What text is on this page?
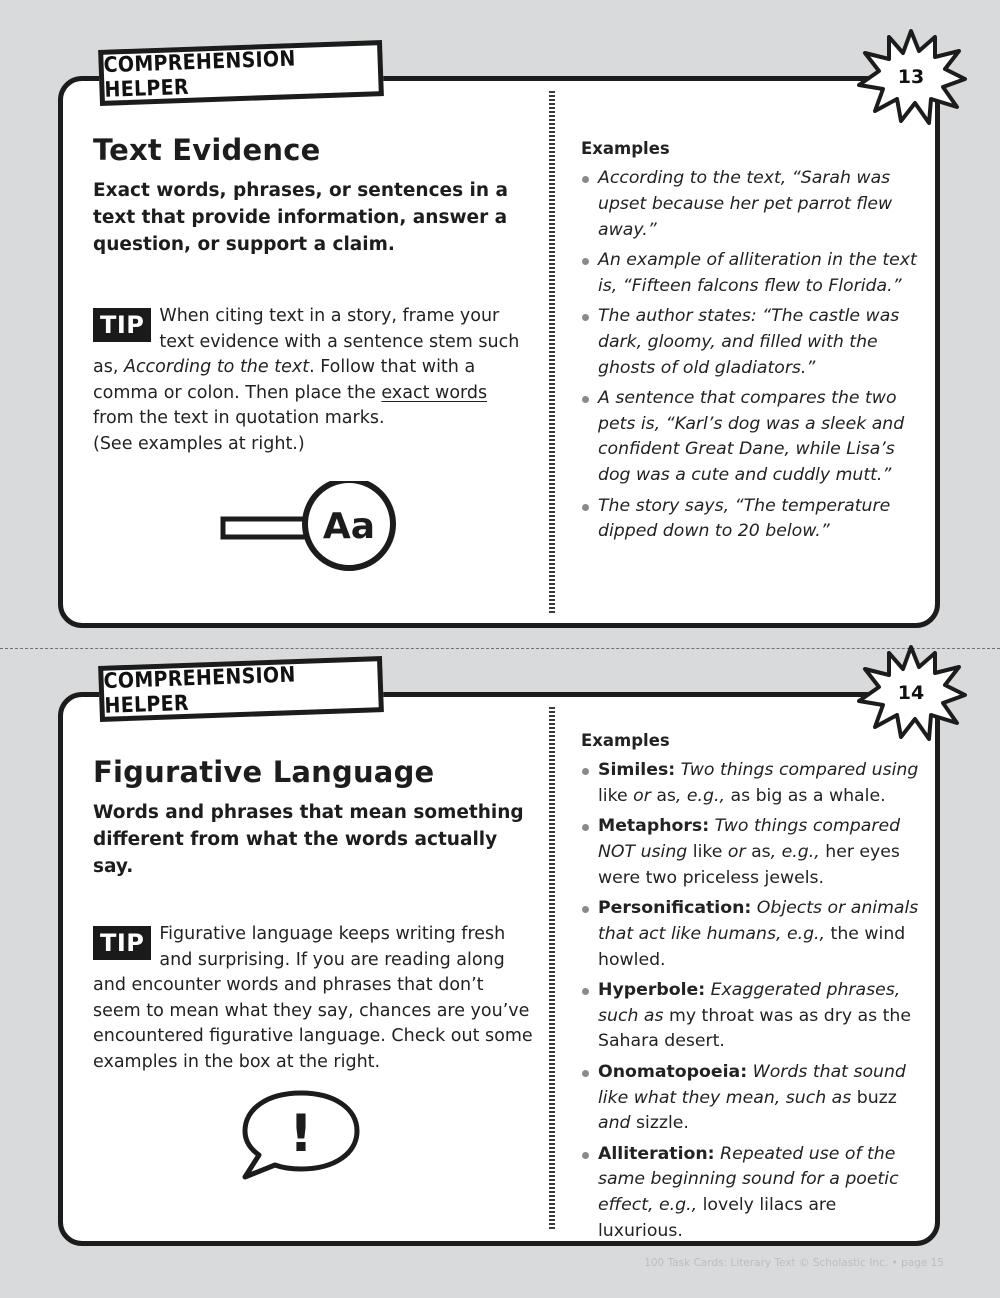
COMPREHENSION HELPER	13
Text Evidence

Exact words, phrases, or sentences in a text that provide information, answer a question, or support a claim.

TIP When citing text in a story, frame your text evidence with a sentence stem such as, According to the text. Follow that with a comma or colon. Then place the exact words from the text in quotation marks.
(See examples at right.)

Aa
Examples
According to the text, “Sarah was upset because her pet parrot flew away.”
An example of alliteration in the text is, “Fifteen falcons flew to Florida.”
The author states: “The castle was dark, gloomy, and filled with the ghosts of old gladiators.”
A sentence that compares the two pets is, “Karl’s dog was a sleek and confident Great Dane, while Lisa’s dog was a cute and cuddly mutt.”
The story says, “The temperature dipped down to 20 below.”
COMPREHENSION HELPER	14
Figurative Language

Words and phrases that mean something different from what the words actually say.

TIP Figurative language keeps writing fresh and surprising. If you are reading along and encounter words and phrases that don’t seem to mean what they say, chances are you’ve encountered figurative language. Check out some examples in the box at the right.

!
Examples
Similes: Two things compared using like or as, e.g., as big as a whale.
Metaphors: Two things compared NOT using like or as, e.g., her eyes were two priceless jewels.
Personification: Objects or animals that act like humans, e.g., the wind howled.
Hyperbole: Exaggerated phrases, such as my throat was as dry as the Sahara desert.
Onomatopoeia: Words that sound like what they mean, such as buzz and sizzle.
Alliteration: Repeated use of the same beginning sound for a poetic effect, e.g., lovely lilacs are luxurious.
100 Task Cards: Literary Text © Scholastic Inc. • page 15
